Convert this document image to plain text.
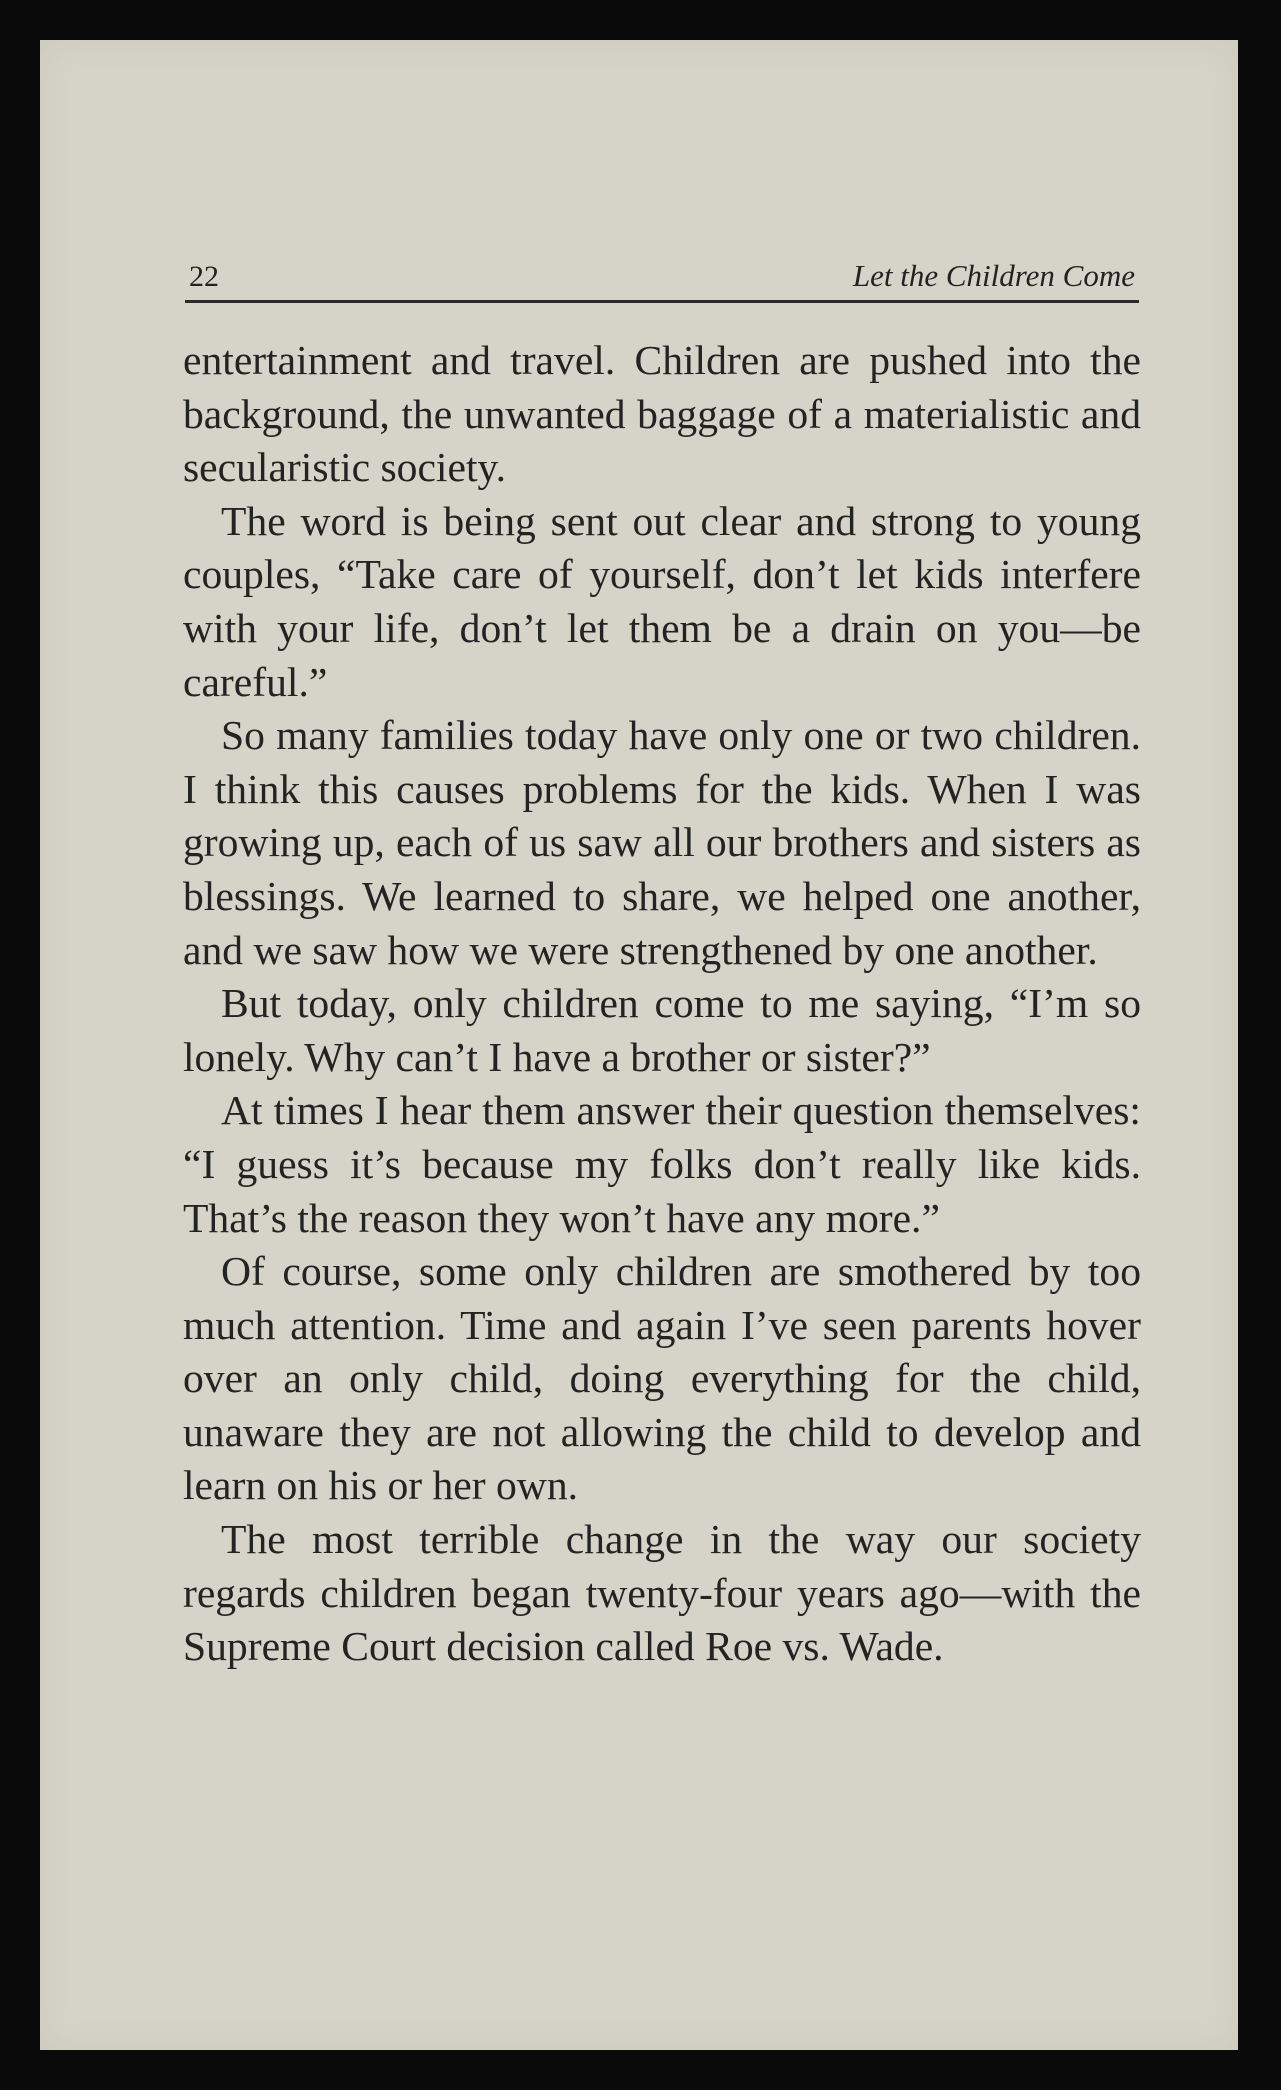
22	Let the Children Come

entertainment and travel. Children are pushed into the background, the unwanted baggage of a materialistic and secularistic society.

The word is being sent out clear and strong to young couples, “Take care of yourself, don’t let kids interfere with your life, don’t let them be a drain on you—be careful.”

So many families today have only one or two children. I think this causes problems for the kids. When I was growing up, each of us saw all our brothers and sisters as blessings. We learned to share, we helped one another, and we saw how we were strengthened by one another.

But today, only children come to me saying, “I’m so lonely. Why can’t I have a brother or sister?”

At times I hear them answer their question themselves: “I guess it’s because my folks don’t really like kids. That’s the reason they won’t have any more.”

Of course, some only children are smothered by too much attention. Time and again I’ve seen parents hover over an only child, doing everything for the child, unaware they are not allowing the child to develop and learn on his or her own.

The most terrible change in the way our society regards children began twenty-four years ago—with the Supreme Court decision called Roe vs. Wade.
